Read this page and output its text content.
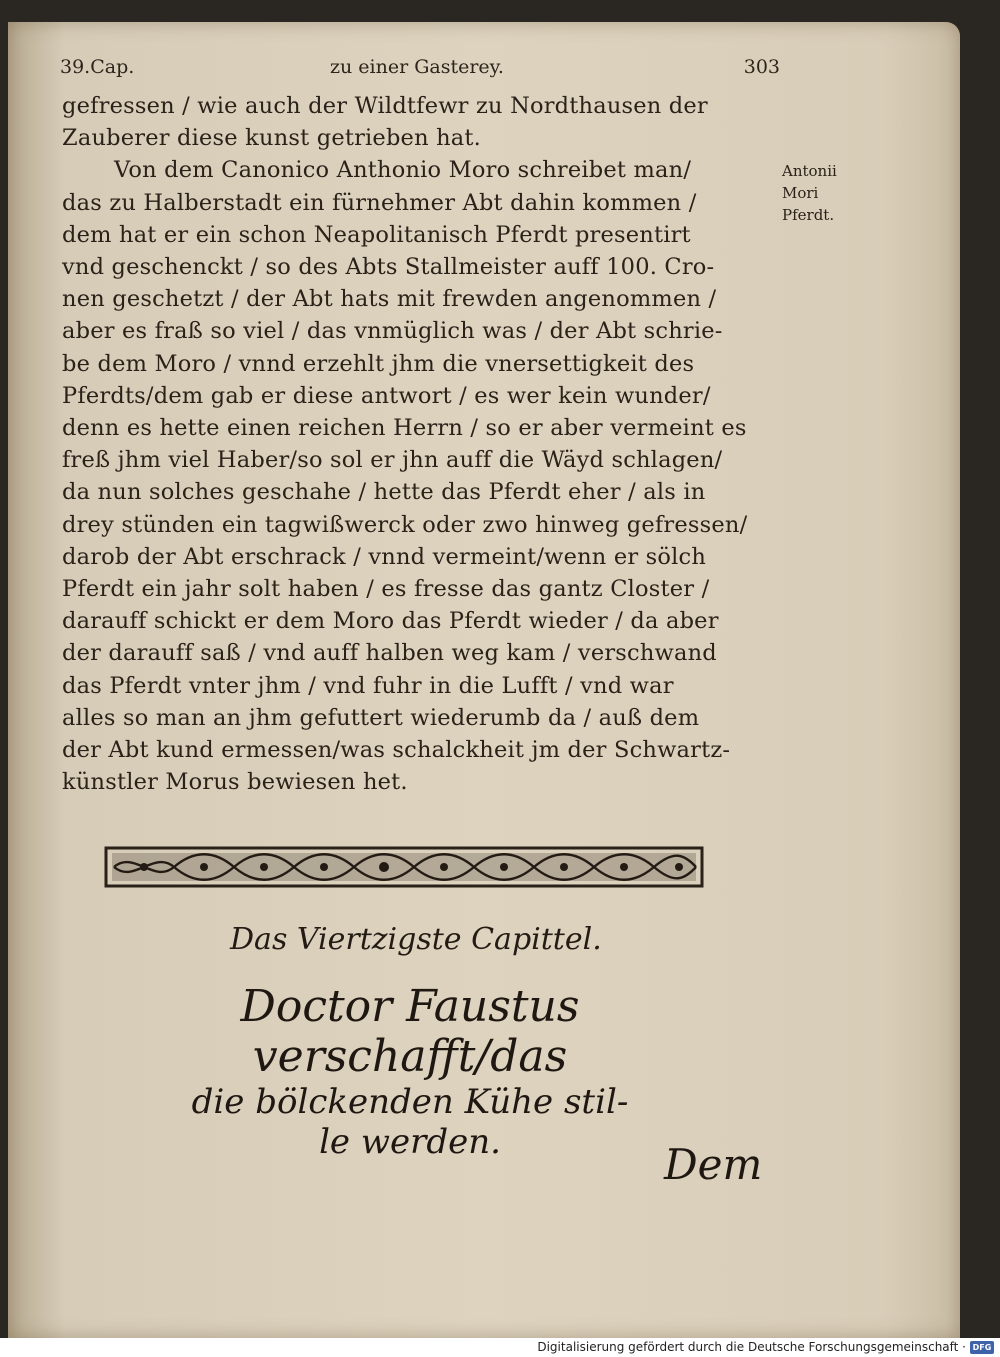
39.Cap.	zu einer Gasterey.	303
gefressen / wie auch der Wildtfewr zu Nordthausen der
Zauberer diese kunst getrieben hat.
Von dem Canonico Anthonio Moro schreibet man/
das zu Halberstadt ein fürnehmer Abt dahin kommen /
dem hat er ein schon Neapolitanisch Pferdt presentirt
vnd geschenckt / so des Abts Stallmeister auff 100. Cro-
nen geschetzt / der Abt hats mit frewden angenommen /
aber es fraß so viel / das vnmüglich was / der Abt schrie-
be dem Moro / vnnd erzehlt jhm die vnersettigkeit des
Pferdts/dem gab er diese antwort / es wer kein wunder/
denn es hette einen reichen Herrn / so er aber vermeint es
freß jhm viel Haber/so sol er jhn auff die Wäyd schlagen/
da nun solches geschahe / hette das Pferdt eher / als in
drey stünden ein tagwißwerck oder zwo hinweg gefressen/
darob der Abt erschrack / vnnd vermeint/wenn er sölch
Pferdt ein jahr solt haben / es fresse das gantz Closter /
darauff schickt er dem Moro das Pferdt wieder / da aber
der darauff saß / vnd auff halben weg kam / verschwand
das Pferdt vnter jhm / vnd fuhr in die Lufft / vnd war
alles so man an jhm gefuttert wiederumb da / auß dem
der Abt kund ermessen/was schalckheit jm der Schwartz-
künstler Morus bewiesen het.
Antonii
Mori
Pferdt.
Das Viertzigste Capittel.
Doctor Faustus verschafft/das
die bölckenden Kühe stil-
le werden.	Dem
Digitalisierung gefördert durch die Deutsche Forschungsgemeinschaft · DFG
